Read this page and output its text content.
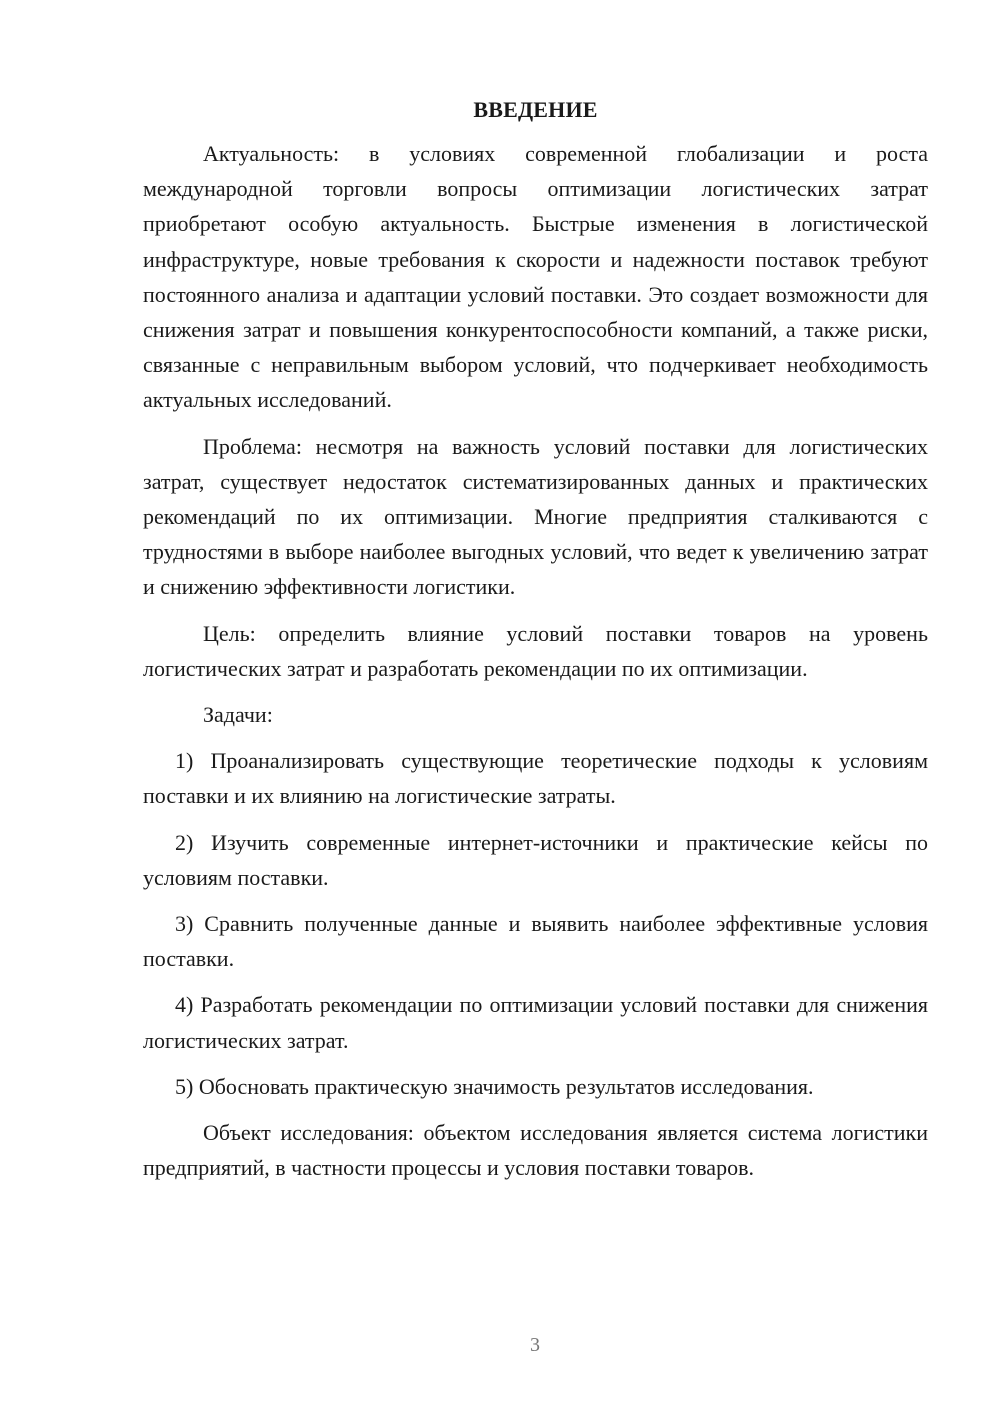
ВВЕДЕНИЕ

Актуальность: в условиях современной глобализации и роста международной торговли вопросы оптимизации логистических затрат приобретают особую актуальность. Быстрые изменения в логистической инфраструктуре, новые требования к скорости и надежности поставок требуют постоянного анализа и адаптации условий поставки. Это создает возможности для снижения затрат и повышения конкурентоспособности компаний, а также риски, связанные с неправильным выбором условий, что подчеркивает необходимость актуальных исследований.

Проблема: несмотря на важность условий поставки для логистических затрат, существует недостаток систематизированных данных и практических рекомендаций по их оптимизации. Многие предприятия сталкиваются с трудностями в выборе наиболее выгодных условий, что ведет к увеличению затрат и снижению эффективности логистики.

Цель: определить влияние условий поставки товаров на уровень логистических затрат и разработать рекомендации по их оптимизации.

Задачи:

1) Проанализировать существующие теоретические подходы к условиям поставки и их влиянию на логистические затраты.

2) Изучить современные интернет-источники и практические кейсы по условиям поставки.

3) Сравнить полученные данные и выявить наиболее эффективные условия поставки.

4) Разработать рекомендации по оптимизации условий поставки для снижения логистических затрат.

5) Обосновать практическую значимость результатов исследования.

Объект исследования: объектом исследования является система логистики предприятий, в частности процессы и условия поставки товаров.

3
